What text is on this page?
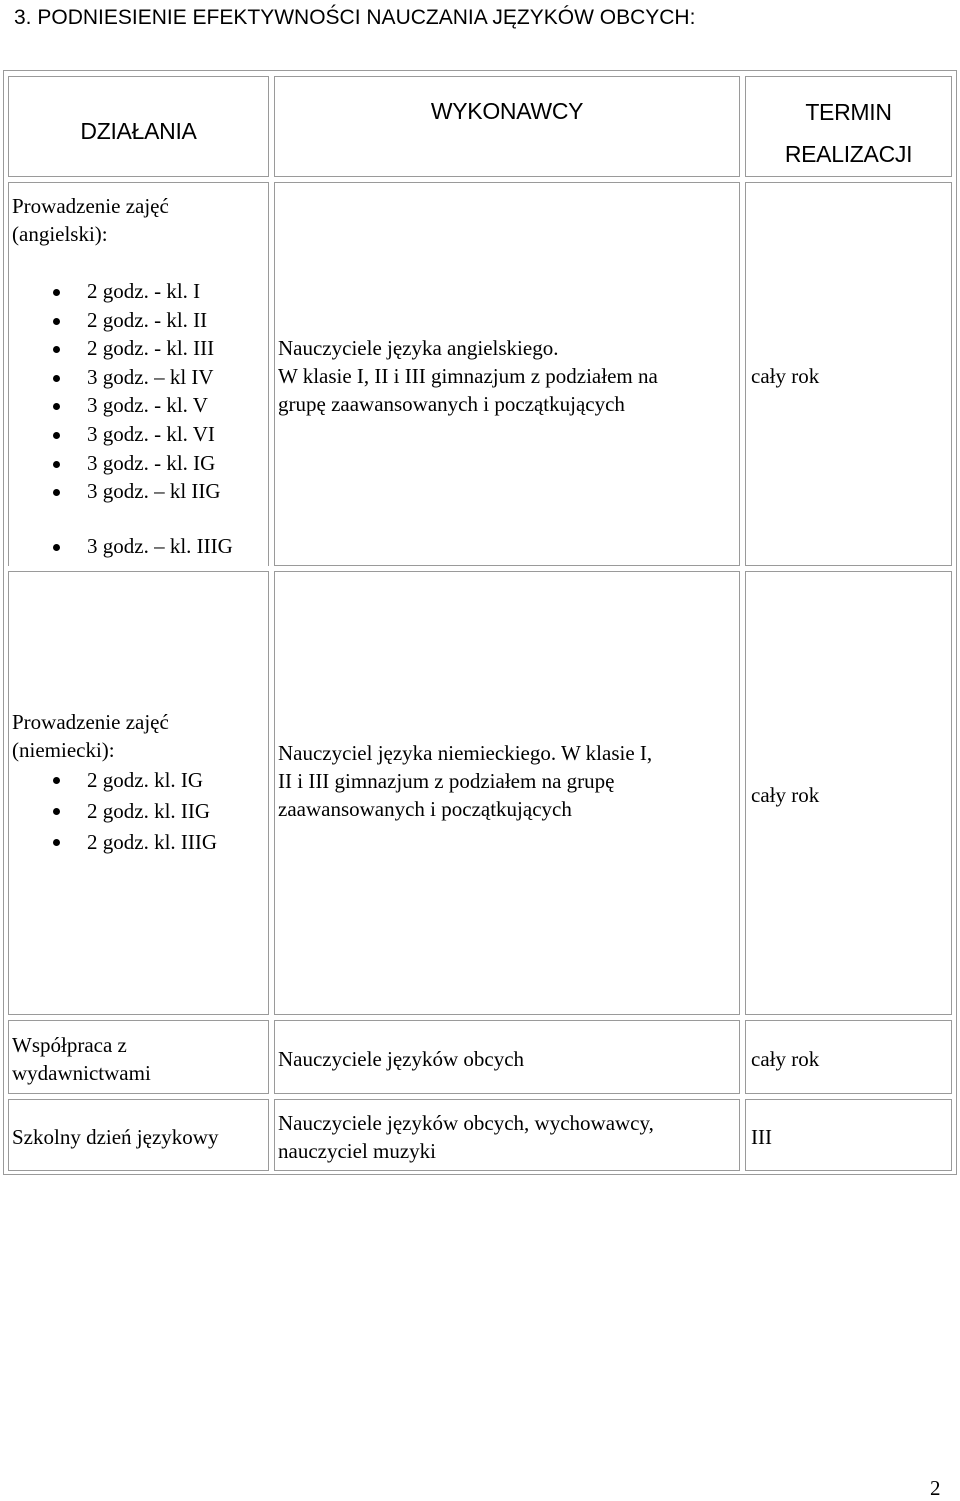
3. PODNIESIENIE EFEKTYWNOŚCI NAUCZANIA JĘZYKÓW OBCYCH:
DZIAŁANIA
WYKONAWCY	TERMIN
REALIZACJI
Prowadzenie zajęć
(angielski):
2 godz. - kl. I
2 godz. - kl. II
2 godz. - kl. III
3 godz. – kl IV
3 godz. - kl. V
3 godz. - kl. VI
3 godz. - kl. IG
3 godz. – kl IIG
3 godz. – kl. IIIG
Nauczyciele języka angielskiego.
W klasie I, II i III gimnazjum z podziałem na
grupę zaawansowanych i początkujących
cały rok
Prowadzenie zajęć
(niemiecki):
2 godz. kl. IG
2 godz. kl. IIG
2 godz. kl. IIIG
Nauczyciel języka niemieckiego. W klasie I,
II i III gimnazjum z podziałem na grupę
zaawansowanych i początkujących
cały rok
Współpraca z
wydawnictwami
Nauczyciele języków obcych	cały rok
Szkolny dzień językowy
Nauczyciele języków obcych, wychowawcy,
nauczyciel muzyki
III
2
